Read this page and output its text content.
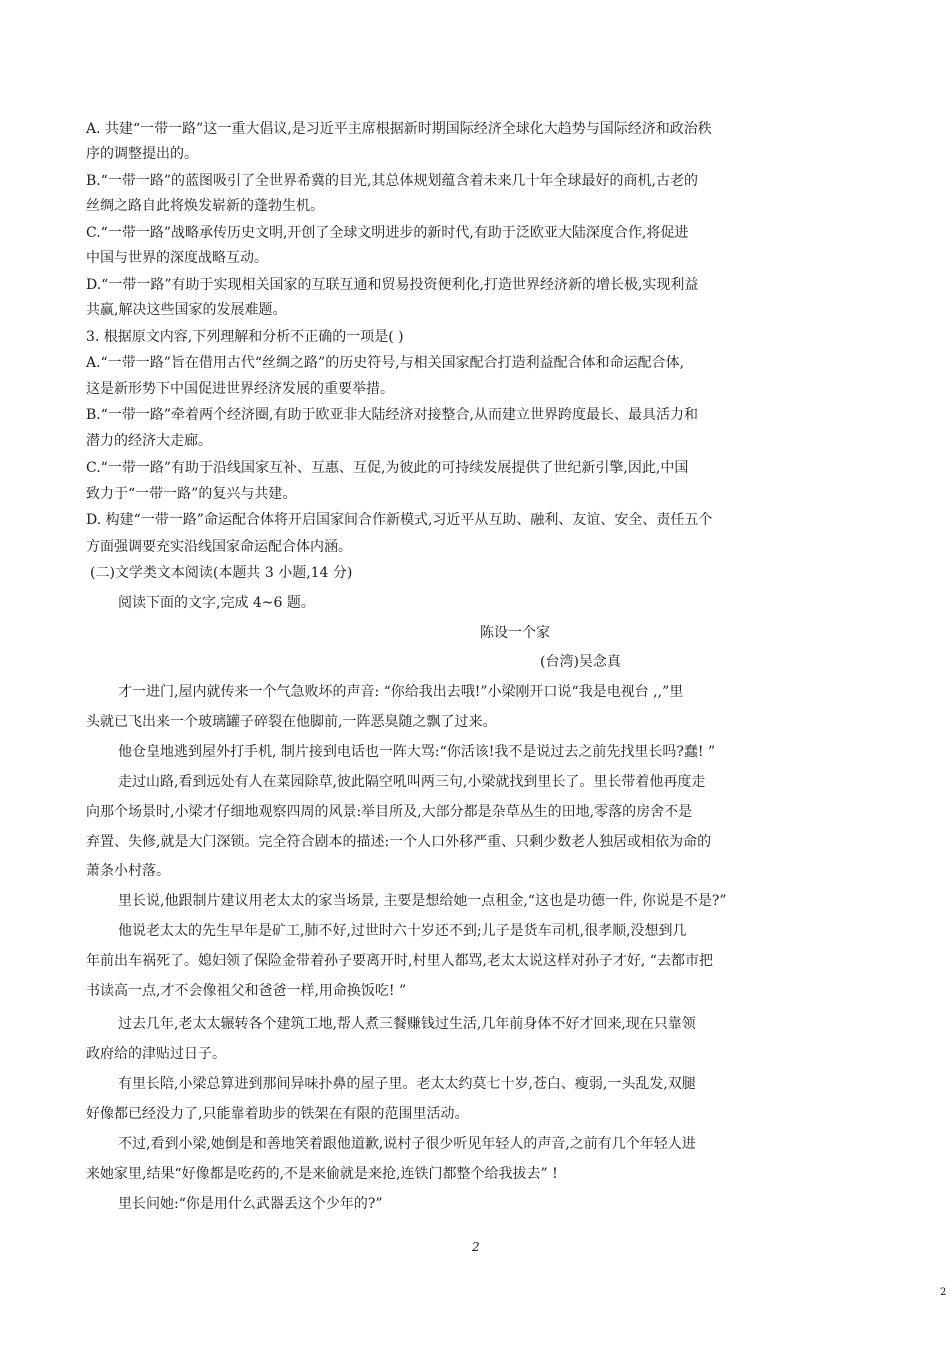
A. 共建“一带一路”这一重大倡议,是习近平主席根据新时期国际经济全球化大趋势与国际经济和政治秩

序的调整提出的。

B.“一带一路”的蓝图吸引了全世界希冀的目光,其总体规划蕴含着未来几十年全球最好的商机,古老的

丝绸之路自此将焕发崭新的蓬勃生机。

C.“一带一路”战略承传历史文明,开创了全球文明进步的新时代,有助于泛欧亚大陆深度合作,将促进

中国与世界的深度战略互动。

D.“一带一路”有助于实现相关国家的互联互通和贸易投资便利化,打造世界经济新的增长极,实现利益

共赢,解决这些国家的发展难题。

3. 根据原文内容,下列理解和分析不正确的一项是( )

A.“一带一路”旨在借用古代“丝绸之路”的历史符号,与相关国家配合打造利益配合体和命运配合体,

这是新形势下中国促进世界经济发展的重要举措。

B.“一带一路”牵着两个经济圈,有助于欧亚非大陆经济对接整合,从而建立世界跨度最长、最具活力和

潜力的经济大走廊。

C.“一带一路”有助于沿线国家互补、互惠、互促,为彼此的可持续发展提供了世纪新引擎,因此,中国

致力于“一带一路”的复兴与共建。

D. 构建“一带一路”命运配合体将开启国家间合作新模式,习近平从互助、融利、友谊、安全、责任五个

方面强调要充实沿线国家命运配合体内涵。

(二)文学类文本阅读(本题共 3 小题,14 分)

阅读下面的文字,完成 4~6 题。

陈设一个家

(台湾)吴念真

才一进门,屋内就传来一个气急败坏的声音: “你给我出去哦!”小梁刚开口说“我是电视台 ,,”里

头就已飞出来一个玻璃罐子碎裂在他脚前,一阵恶臭随之飘了过来。

他仓皇地逃到屋外打手机, 制片接到电话也一阵大骂:“你活该!我不是说过去之前先找里长吗?蠢! ”

走过山路,看到远处有人在菜园除草,彼此隔空吼叫两三句,小梁就找到里长了。里长带着他再度走

向那个场景时,小梁才仔细地观察四周的风景:举目所及,大部分都是杂草丛生的田地,零落的房舍不是

弃置、失修,就是大门深锁。完全符合剧本的描述:一个人口外移严重、只剩少数老人独居或相依为命的

萧条小村落。

里长说,他跟制片建议用老太太的家当场景, 主要是想给她一点租金,“这也是功德一件, 你说是不是?”

他说老太太的先生早年是矿工,肺不好,过世时六十岁还不到;儿子是货车司机,很孝顺,没想到几

年前出车祸死了。媳妇领了保险金带着孙子要离开时,村里人都骂,老太太说这样对孙子才好, “去都市把

书读高一点,才不会像祖父和爸爸一样,用命换饭吃! ”

过去几年,老太太辗转各个建筑工地,帮人煮三餐赚钱过生活,几年前身体不好才回来,现在只靠领

政府给的津贴过日子。

有里长陪,小梁总算进到那间异味扑鼻的屋子里。老太太约莫七十岁,苍白、瘦弱,一头乱发,双腿

好像都已经没力了,只能靠着助步的铁架在有限的范围里活动。

不过,看到小梁,她倒是和善地笑着跟他道歉,说村子很少听见年轻人的声音,之前有几个年轻人进

来她家里,结果“好像都是吃药的,不是来偷就是来抢,连铁门都整个给我拔去” !

里长问她:“你是用什么武器丢这个少年的?”

2
2
